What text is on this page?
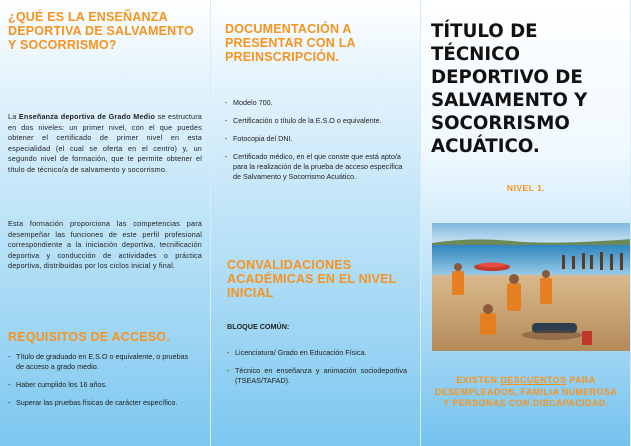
¿QUÉ ES LA ENSEÑANZA DEPORTIVA DE SALVAMENTO Y SOCORRISMO?

La Enseñanza deportiva de Grado Medio se estructura en dos niveles: un primer nivel, con el que puedes obtener el certificado de primer nivel en esta especialidad (el cual se oferta en el centro) y, un segundo nivel de formación, que te permite obtener el título de técnico/a de salvamento y socorrismo.

Esta formación proporciona las competencias para desempeñar las funciones de este perfil profesional correspondiente a la iniciación deportiva, tecnificación deportiva y conducción de actividades o práctica deportiva, distribuidas por los ciclos inicial y final.

REQUISITOS DE ACCESO.
- Título de graduado en E.S.O o equivalente, o pruebas de acceso a grado medio.
- Haber cumplido los 16 años.
- Superar las pruebas físicas de carácter específico.
DOCUMENTACIÓN A PRESENTAR CON LA PREINSCRIPCIÓN.
- Modelo 700.
- Certificación o título de la E.S.O o equivalente.
- Fotocopia del DNI.
- Certificado médico, en el que conste que está apto/a para la realización de la prueba de acceso específica de Salvamento y Socorrismo Acuático.
CONVALIDACIONES ACADÉMICAS EN EL NIVEL INICIAL
BLOQUE COMÚN:
- Licenciatura/ Grado en Educación Física.
- Técnico en enseñanza y animación sociodeportiva (TSEAS/TAFAD).
TÍTULO DE TÉCNICO DEPORTIVO DE SALVAMENTO Y SOCORRISMO ACUÁTICO.
NIVEL 1.
EXISTEN DESCUENTOS PARA DESEMPLEADOS, FAMILIA NUMEROSA Y PERSONAS CON DISCAPACIDAD.
